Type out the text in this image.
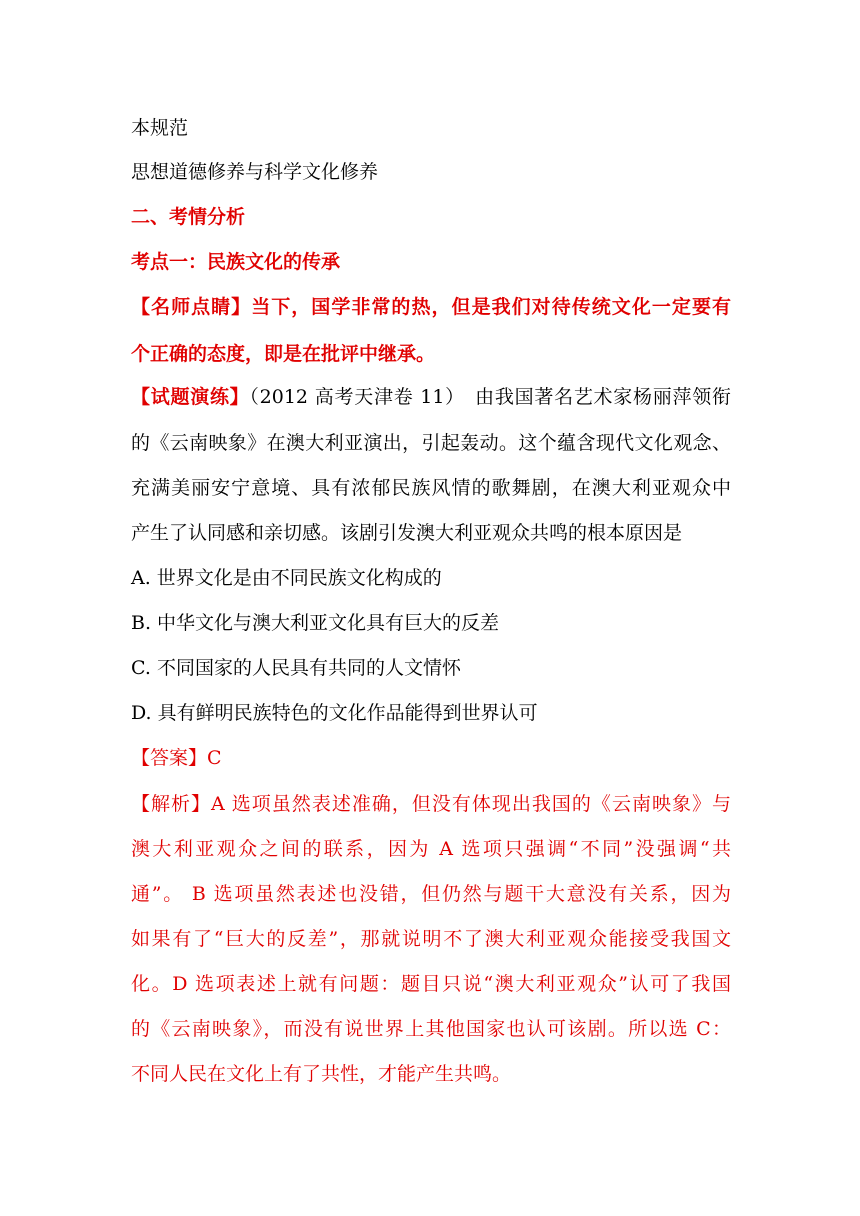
本规范
思想道德修养与科学文化修养
二、考情分析
考点一：民族文化的传承
【名师点睛】当下，国学非常的热，但是我们对待传统文化一定要有
个正确的态度，即是在批评中继承。
【试题演练】（2012 高考天津卷 11）　由我国著名艺术家杨丽萍领衔
的《云南映象》在澳大利亚演出，引起轰动。这个蕴含现代文化观念、
充满美丽安宁意境、具有浓郁民族风情的歌舞剧，在澳大利亚观众中
产生了认同感和亲切感。该剧引发澳大利亚观众共鸣的根本原因是
A. 世界文化是由不同民族文化构成的
B. 中华文化与澳大利亚文化具有巨大的反差
C. 不同国家的人民具有共同的人文情怀
D. 具有鲜明民族特色的文化作品能得到世界认可
【答案】C
【解析】A 选项虽然表述准确，但没有体现出我国的《云南映象》与
澳大利亚观众之间的联系，因为 A 选项只强调“不同”没强调“共
通”。 B 选项虽然表述也没错，但仍然与题干大意没有关系，因为
如果有了“巨大的反差”，那就说明不了澳大利亚观众能接受我国文
化。D 选项表述上就有问题：题目只说“澳大利亚观众”认可了我国
的《云南映象》，而没有说世界上其他国家也认可该剧。所以选 C：
不同人民在文化上有了共性，才能产生共鸣。
